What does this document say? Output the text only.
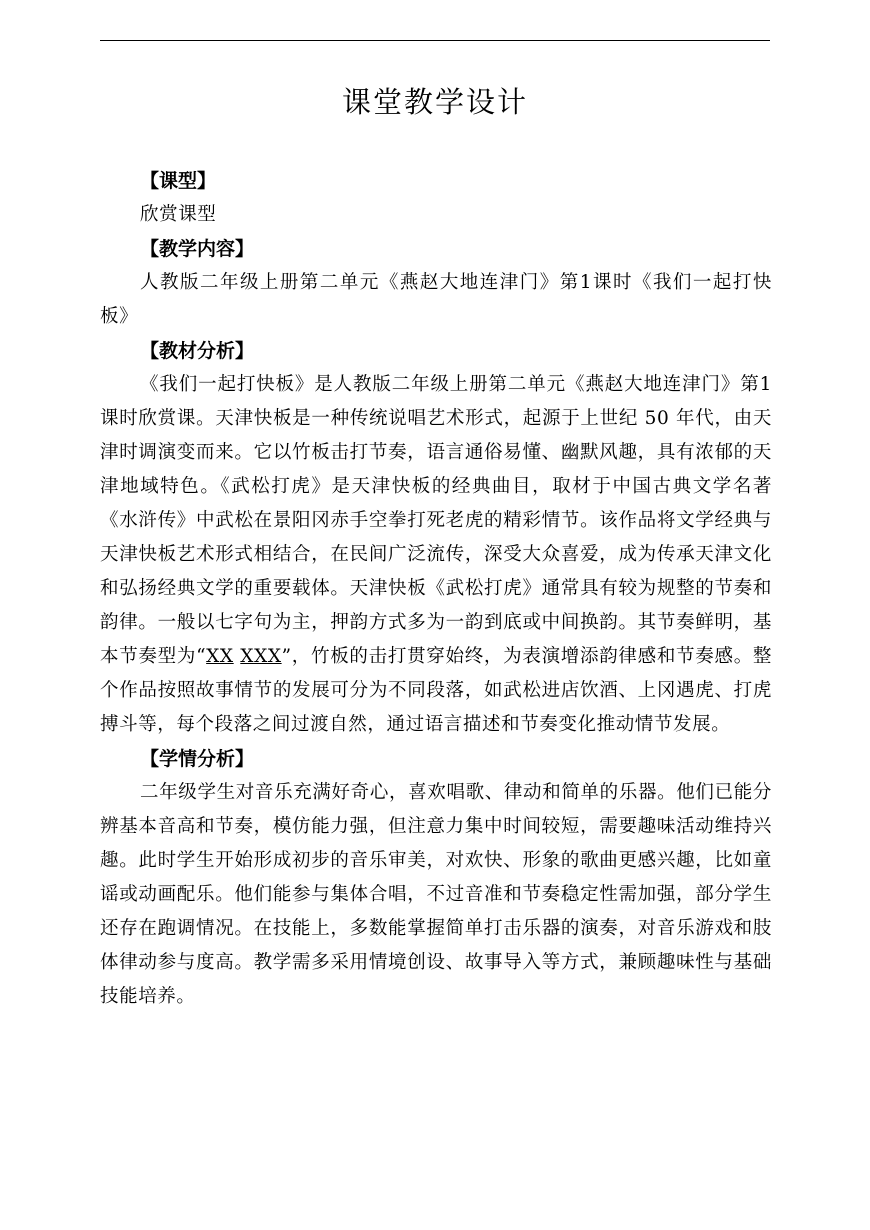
课堂教学设计
【课型】

欣赏课型

【教学内容】

人教版二年级上册第二单元《燕赵大地连津门》第1课时《我们一起打快板》

【教材分析】

《我们一起打快板》是人教版二年级上册第二单元《燕赵大地连津门》第1课时欣赏课。天津快板是一种传统说唱艺术形式，起源于上世纪 50 年代，由天津时调演变而来。它以竹板击打节奏，语言通俗易懂、幽默风趣，具有浓郁的天津地域特色。《武松打虎》是天津快板的经典曲目，取材于中国古典文学名著《水浒传》中武松在景阳冈赤手空拳打死老虎的精彩情节。该作品将文学经典与天津快板艺术形式相结合，在民间广泛流传，深受大众喜爱，成为传承天津文化和弘扬经典文学的重要载体。天津快板《武松打虎》通常具有较为规整的节奏和韵律。一般以七字句为主，押韵方式多为一韵到底或中间换韵。其节奏鲜明，基本节奏型为“XX XXX”，竹板的击打贯穿始终，为表演增添韵律感和节奏感。整个作品按照故事情节的发展可分为不同段落，如武松进店饮酒、上冈遇虎、打虎搏斗等，每个段落之间过渡自然，通过语言描述和节奏变化推动情节发展。

【学情分析】

二年级学生对音乐充满好奇心，喜欢唱歌、律动和简单的乐器。他们已能分辨基本音高和节奏，模仿能力强，但注意力集中时间较短，需要趣味活动维持兴趣。此时学生开始形成初步的音乐审美，对欢快、形象的歌曲更感兴趣，比如童谣或动画配乐。他们能参与集体合唱，不过音准和节奏稳定性需加强，部分学生还存在跑调情况。在技能上，多数能掌握简单打击乐器的演奏，对音乐游戏和肢体律动参与度高。教学需多采用情境创设、故事导入等方式，兼顾趣味性与基础技能培养。
